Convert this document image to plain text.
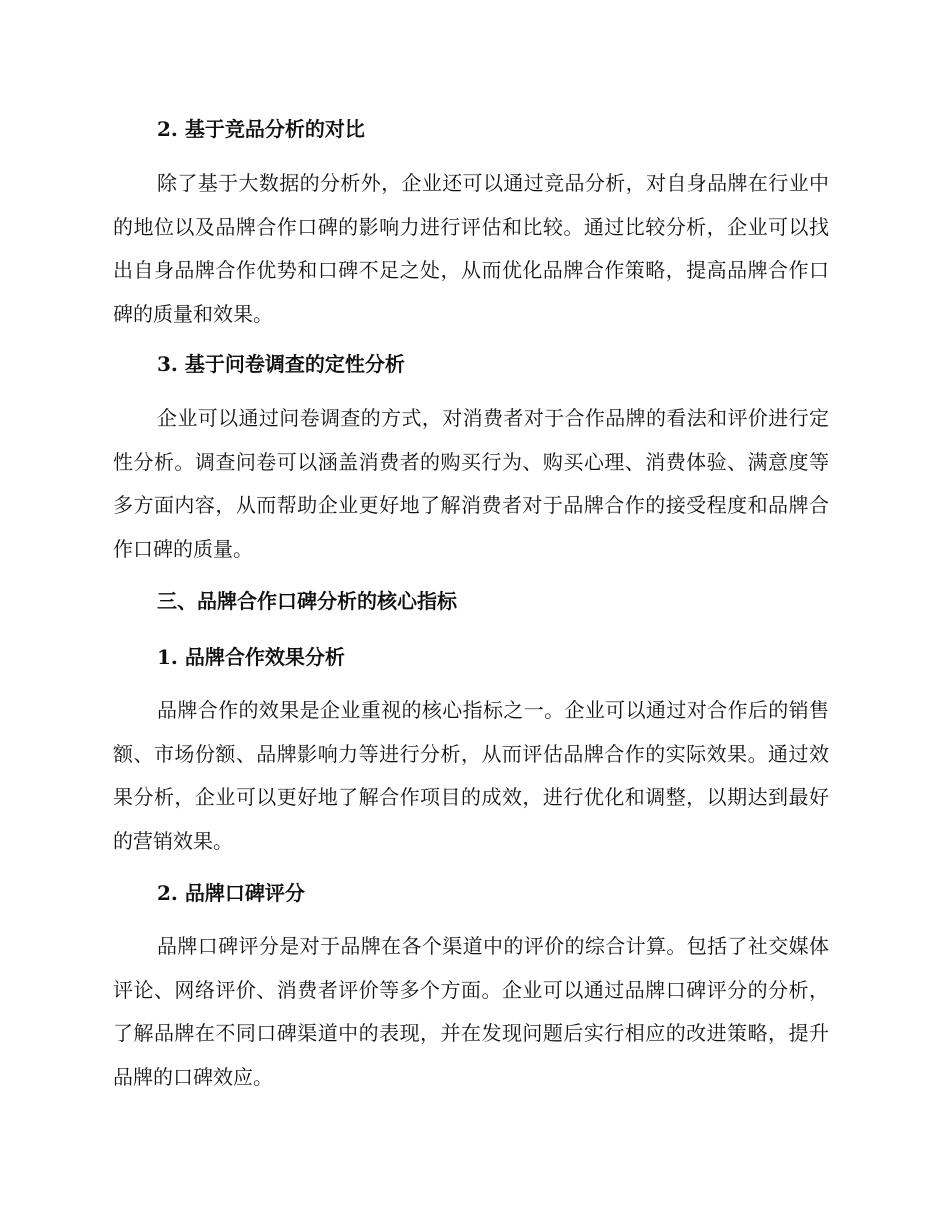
2. 基于竞品分析的对比
除了基于大数据的分析外，企业还可以通过竞品分析，对自身品牌在行业中的地位以及品牌合作口碑的影响力进行评估和比较。通过比较分析，企业可以找出自身品牌合作优势和口碑不足之处，从而优化品牌合作策略，提高品牌合作口碑的质量和效果。
3. 基于问卷调查的定性分析
企业可以通过问卷调查的方式，对消费者对于合作品牌的看法和评价进行定性分析。调查问卷可以涵盖消费者的购买行为、购买心理、消费体验、满意度等多方面内容，从而帮助企业更好地了解消费者对于品牌合作的接受程度和品牌合作口碑的质量。
三、品牌合作口碑分析的核心指标
1. 品牌合作效果分析
品牌合作的效果是企业重视的核心指标之一。企业可以通过对合作后的销售额、市场份额、品牌影响力等进行分析，从而评估品牌合作的实际效果。通过效果分析，企业可以更好地了解合作项目的成效，进行优化和调整，以期达到最好的营销效果。
2. 品牌口碑评分
品牌口碑评分是对于品牌在各个渠道中的评价的综合计算。包括了社交媒体评论、网络评价、消费者评价等多个方面。企业可以通过品牌口碑评分的分析，了解品牌在不同口碑渠道中的表现，并在发现问题后实行相应的改进策略，提升品牌的口碑效应。
